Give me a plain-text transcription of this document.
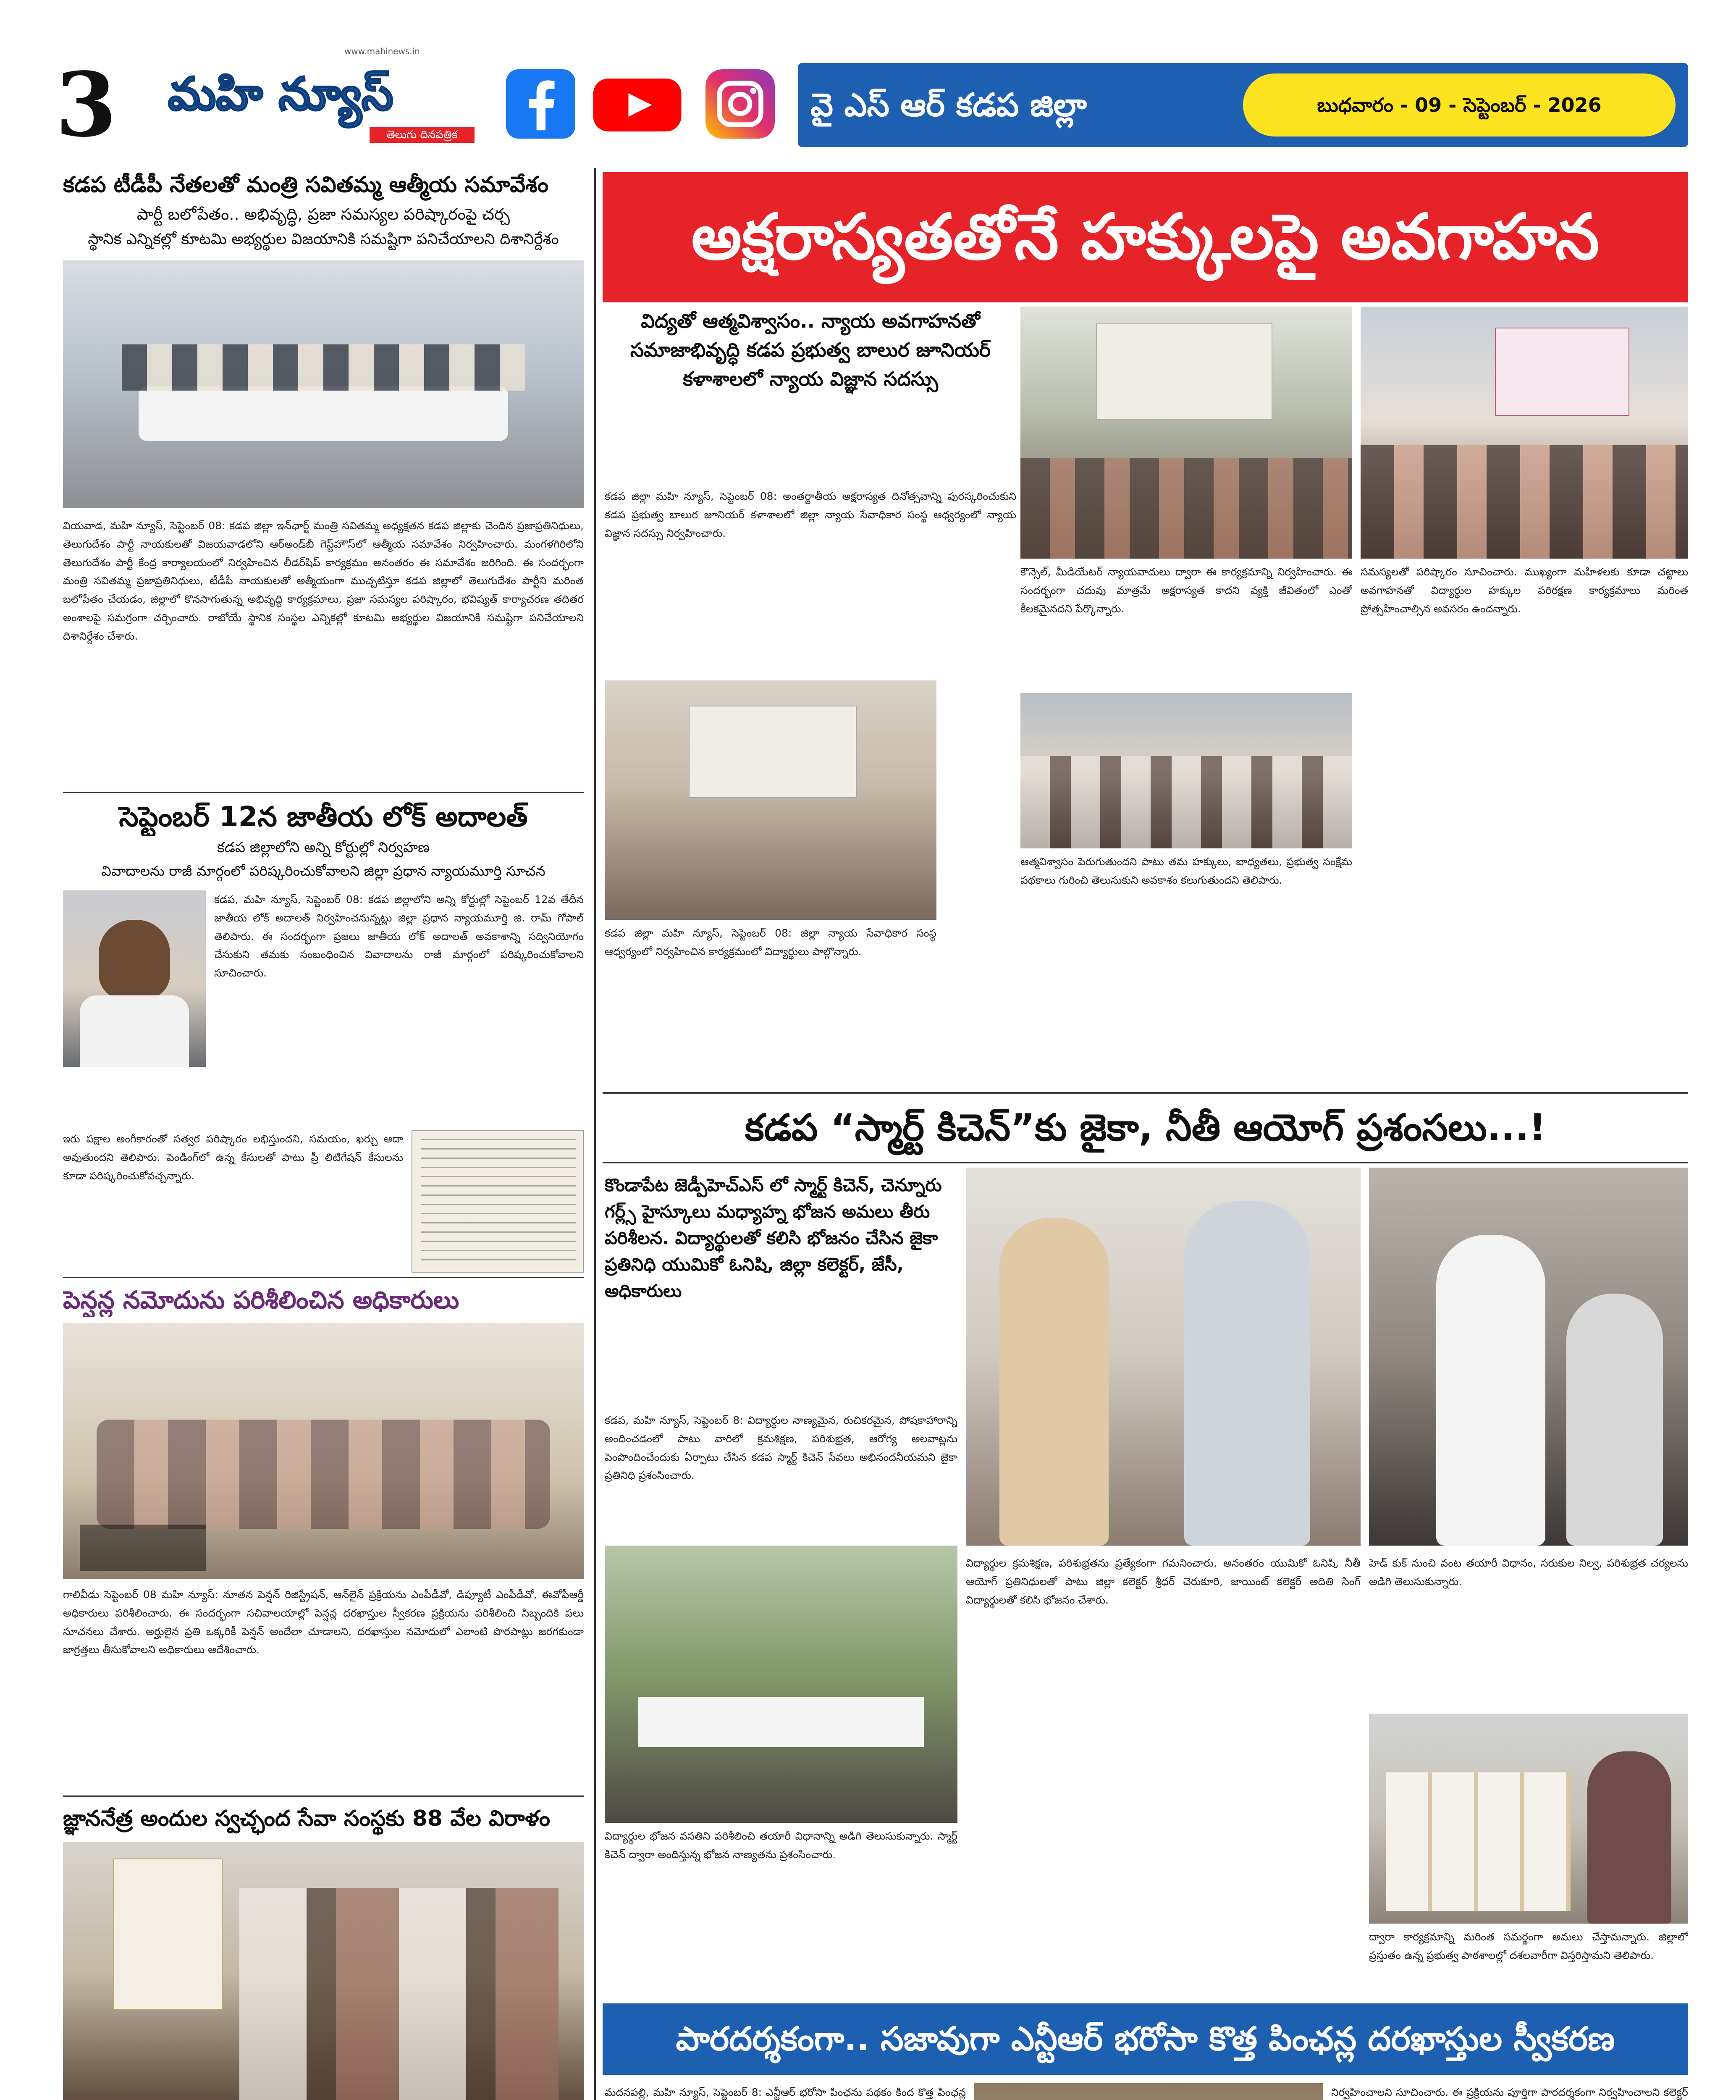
3 మహి న్యూస్
తెలుగు దినపత్రిక
www.mahinews.in
వై ఎస్ ఆర్ కడప జిల్లా	బుధవారం - 09 - సెప్టెంబర్ - 2026
కడప టీడీపీ నేతలతో మంత్రి సవితమ్మ ఆత్మీయ సమావేశం
పార్టీ బలోపేతం.. అభివృద్ధి, ప్రజా సమస్యల పరిష్కారంపై చర్చ
స్థానిక ఎన్నికల్లో కూటమి అభ్యర్థుల విజయానికి సమష్టిగా పనిచేయాలని దిశానిర్దేశం
వియవాడ, మహి న్యూస్, సెప్టెంబర్ 08: కడప జిల్లా ఇన్‌ఛార్జ్ మంత్రి సవితమ్మ అధ్యక్షతన కడప జిల్లాకు చెందిన ప్రజాప్రతినిధులు, తెలుగుదేశం పార్టీ నాయకులతో విజయవాడలోని ఆర్అండ్‌బీ గెస్ట్‌హౌస్‌లో ఆత్మీయ సమావేశం నిర్వహించారు. మంగళగిరిలోని తెలుగుదేశం పార్టీ కేంద్ర కార్యాలయంలో నిర్వహించిన లీడర్‌షిప్ కార్యక్రమం అనంతరం ఈ సమావేశం జరిగింది. ఈ సందర్భంగా మంత్రి సవితమ్మ ప్రజాప్రతినిధులు, టీడీపీ నాయకులతో అత్మీయంగా ముచ్చటిస్తూ కడప జిల్లాలో తెలుగుదేశం పార్టీని మరింత బలోపేతం చేయడం, జిల్లాలో కొనసాగుతున్న అభివృద్ధి కార్యక్రమాలు, ప్రజా సమస్యల పరిష్కారం, భవిష్యత్ కార్యాచరణ తదితర అంశాలపై సమగ్రంగా చర్చించారు. రాబోయే స్థానిక సంస్థల ఎన్నికల్లో కూటమి అభ్యర్థుల విజయానికి సమష్టిగా పనిచేయాలని దిశానిర్దేశం చేశారు.
సెప్టెంబర్ 12న జాతీయ లోక్ అదాలత్
కడప జిల్లాలోని అన్ని కోర్టుల్లో నిర్వహణ
వివాదాలను రాజీ మార్గంలో పరిష్కరించుకోవాలని జిల్లా ప్రధాన న్యాయమూర్తి సూచన
కడప, మహి న్యూస్, సెప్టెంబర్ 08: కడప జిల్లాలోని అన్ని కోర్టుల్లో సెప్టెంబర్ 12వ తేదీన జాతీయ లోక్ అదాలత్ నిర్వహించనున్నట్లు జిల్లా ప్రధాన న్యాయమూర్తి జి. రామ్ గోపాల్ తెలిపారు. ఈ సందర్భంగా ప్రజలు జాతీయ లోక్ అదాలత్ అవకాశాన్ని సద్వినియోగం చేసుకుని తమకు సంబంధించిన వివాదాలను రాజీ మార్గంలో పరిష్కరించుకోవాలని సూచించారు.
ఇరు పక్షాల అంగీకారంతో సత్వర పరిష్కారం లభిస్తుందని, సమయం, ఖర్చు ఆదా అవుతుందని తెలిపారు. పెండింగ్‌లో ఉన్న కేసులతో పాటు ప్రీ లిటిగేషన్ కేసులను కూడా పరిష్కరించుకోవచ్చన్నారు.
పెన్షన్ల నమోదును పరిశీలించిన అధికారులు
గాలివీడు సెప్టెంబర్ 08 మహి న్యూస్: నూతన పెన్షన్ రిజిస్ట్రేషన్, ఆన్‌లైన్ ప్రక్రియను ఎంపీడీవో, డిప్యూటీ ఎంపీడీవో, ఈవోపీఆర్డీ అధికారులు పరిశీలించారు. ఈ సందర్భంగా సచివాలయాల్లో పెన్షన్ల దరఖాస్తుల స్వీకరణ ప్రక్రియను పరిశీలించి సిబ్బందికి పలు సూచనలు చేశారు. అర్హులైన ప్రతి ఒక్కరికీ పెన్షన్ అందేలా చూడాలని, దరఖాస్తుల నమోదులో ఎలాంటి పొరపాట్లు జరగకుండా జాగ్రత్తలు తీసుకోవాలని అధికారులు ఆదేశించారు.
జ్ఞాననేత్ర అందుల స్వచ్ఛంద సేవా సంస్థకు 88 వేల విరాళం
అక్షరాస్యతతోనే హక్కులపై అవగాహన
విద్యతో ఆత్మవిశ్వాసం.. న్యాయ అవగాహనతో సమాజాభివృద్ధి కడప ప్రభుత్వ బాలుర జూనియర్ కళాశాలలో న్యాయ విజ్ఞాన సదస్సు
కడప జిల్లా మహి న్యూస్, సెప్టెంబర్ 08: అంతర్జాతీయ అక్షరాస్యత దినోత్సవాన్ని పురస్కరించుకుని కడప ప్రభుత్వ బాలుర జూనియర్ కళాశాలలో జిల్లా న్యాయ సేవాధికార సంస్థ ఆధ్వర్యంలో న్యాయ విజ్ఞాన సదస్సు నిర్వహించారు.
కౌన్సెల్, మీడియేటర్ న్యాయవాదులు ద్వారా ఈ కార్యక్రమాన్ని నిర్వహించారు. ఈ సందర్భంగా చదువు మాత్రమే అక్షరాస్యత కాదని వ్యక్తి జీవితంలో ఎంతో కీలకమైనదని పేర్కొన్నారు.
సమస్యలతో పరిష్కారం సూచించారు. ముఖ్యంగా మహిళలకు కూడా చట్టాలు అవగాహనతో విద్యార్థుల హక్కుల పరిరక్షణ కార్యక్రమాలు మరింత ప్రోత్సహించాల్సిన అవసరం ఉందన్నారు.
కడప జిల్లా మహి న్యూస్, సెప్టెంబర్ 08: జిల్లా న్యాయ సేవాధికార సంస్థ ఆధ్వర్యంలో నిర్వహించిన కార్యక్రమంలో విద్యార్థులు పాల్గొన్నారు.
ఆత్మవిశ్వాసం పెరుగుతుందని పాటు తమ హక్కులు, బాధ్యతలు, ప్రభుత్వ సంక్షేమ పథకాలు గురించి తెలుసుకుని అవకాశం కలుగుతుందని తెలిపారు.
కడప “స్మార్ట్ కిచెన్”కు జైకా, నీతీ ఆయోగ్ ప్రశంసలు...!
కొండాపేట జెడ్పీహెచ్ఎస్ లో స్మార్ట్ కిచెన్, చెన్నూరు గర్ల్స్ హైస్కూలు మధ్యాహ్న భోజన అమలు తీరు పరిశీలన. విద్యార్థులతో కలిసి భోజనం చేసిన జైకా ప్రతినిధి యుమికో ఓనిషి, జిల్లా కలెక్టర్, జేసీ, అధికారులు
కడప, మహి న్యూస్, సెప్టెంబర్ 8: విద్యార్థుల నాణ్యమైన, రుచికరమైన, పోషకాహారాన్ని అందించడంలో పాటు వారిలో క్రమశిక్షణ, పరిశుభ్రత, ఆరోగ్య అలవాట్లను పెంపొందించేందుకు ఏర్పాటు చేసిన కడప స్మార్ట్ కిచెన్ సేవలు అభినందనీయమని జైకా ప్రతినిధి ప్రశంసించారు.
విద్యార్థుల క్రమశిక్షణ, పరిశుభ్రతను ప్రత్యేకంగా గమనించారు. అనంతరం యుమికో ఓనిషి, నీతీ ఆయోగ్ ప్రతినిధులతో పాటు జిల్లా కలెక్టర్ శ్రీధర్ చెరుకూరి, జాయింట్ కలెక్టర్ అదితి సింగ్ విద్యార్థులతో కలిసి భోజనం చేశారు.
హెడ్ కుక్ నుంచి వంట తయారీ విధానం, సరుకుల నిల్వ, పరిశుభ్రత చర్యలను అడిగి తెలుసుకున్నారు.
విద్యార్థుల భోజన వసతిని పరిశీలించి తయారీ విధానాన్ని అడిగి తెలుసుకున్నారు. స్మార్ట్ కిచెన్ ద్వారా అందిస్తున్న భోజన నాణ్యతను ప్రశంసించారు.
ద్వారా కార్యక్రమాన్ని మరింత సమర్థంగా అమలు చేస్తామన్నారు. జిల్లాలో ప్రస్తుతం ఉన్న ప్రభుత్వ పాఠశాలల్లో దశలవారీగా విస్తరిస్తామని తెలిపారు.
పారదర్శకంగా.. సజావుగా ఎన్టీఆర్ భరోసా కొత్త పింఛన్ల దరఖాస్తుల స్వీకరణ
మదనపల్లి, మహి న్యూస్, సెప్టెంబర్ 8: ఎన్టీఆర్ భరోసా పింఛను పథకం కింద కొత్త పింఛన్ల	నిర్వహించాలని సూచించారు. ఈ ప్రక్రియను పూర్తిగా పారదర్శకంగా నిర్వహించాలని కలెక్టర్
